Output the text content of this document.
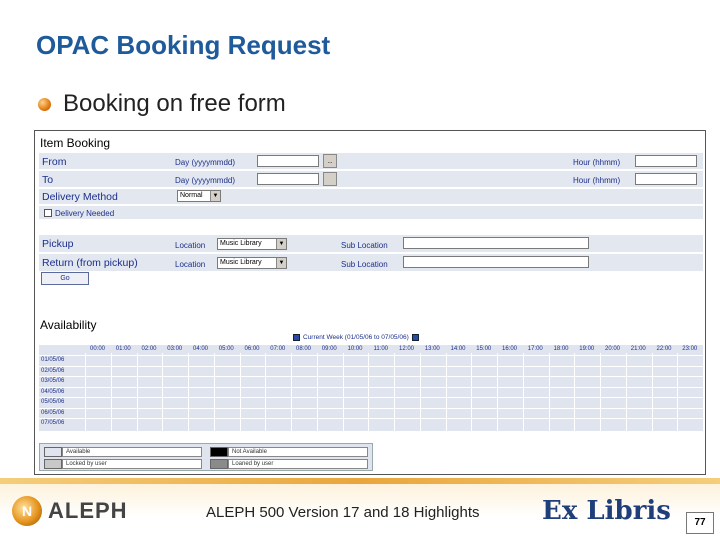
OPAC Booking Request
Booking on free form
Item Booking
From	Day (yyyymmdd)	..	Hour (hhmm)
To	Day (yyyymmdd)	Hour (hhmm)
Delivery Method	Normal	▼
Delivery Needed
Pickup	Location	Music Library	▼	Sub Location
Return (from pickup)	Location	Music Library	▼	Sub Location
Go
Availability
Current Week (01/05/06 to 07/05/06)
00:00	01:00	02:00	03:00	04:00	05:00	06:00	07:00	08:00	09:00	10:00	11:00	12:00	13:00	14:00	15:00	16:00	17:00	18:00	19:00	20:00	21:00	22:00	23:00
01/05/06
02/05/06
03/05/06
04/05/06
05/05/06
06/05/06
07/05/06
Available	Not Available
Locked by user	Loaned by user
N ALEPH	ALEPH 500 Version 17 and 18 Highlights Ex Libris	77
